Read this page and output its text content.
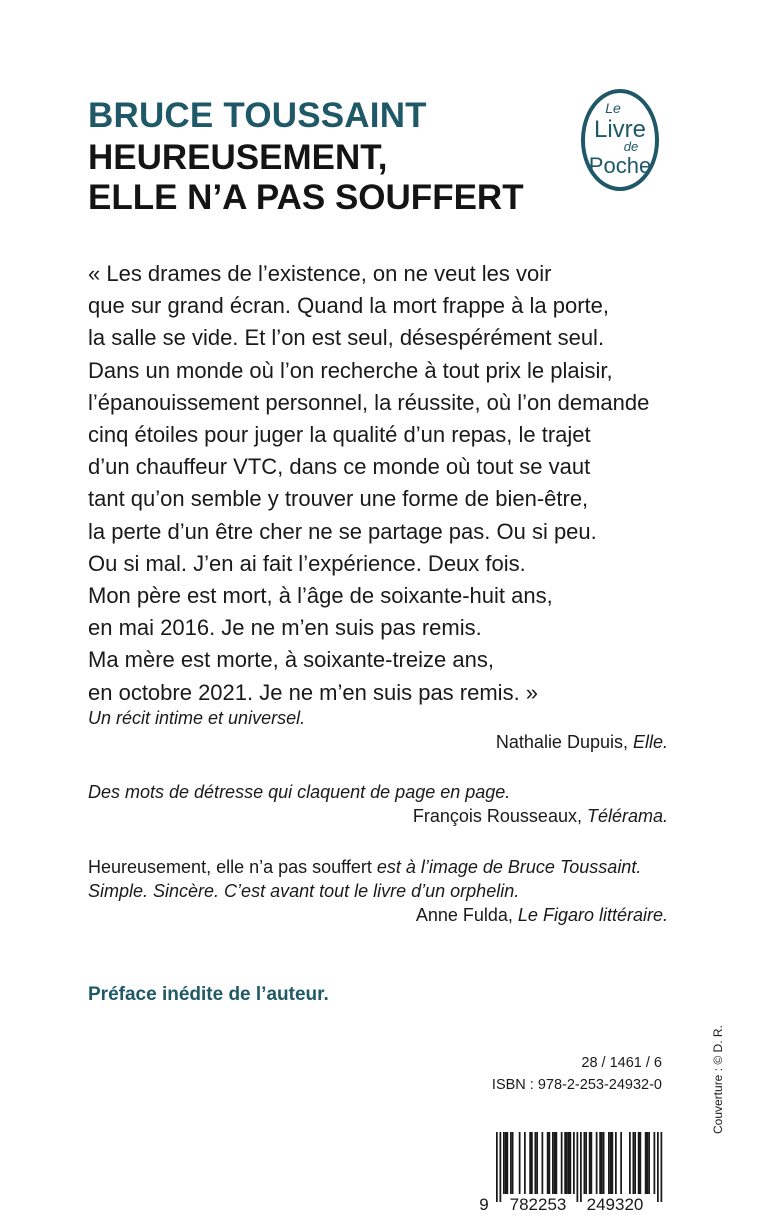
BRUCE TOUSSAINT
HEUREUSEMENT,
ELLE N’A PAS SOUFFERT
Le
Livre
de
Poche
« Les drames de l’existence, on ne veut les voir
que sur grand écran. Quand la mort frappe à la porte,
la salle se vide. Et l’on est seul, désespérément seul.
Dans un monde où l’on recherche à tout prix le plaisir,
l’épanouissement personnel, la réussite, où l’on demande
cinq étoiles pour juger la qualité d’un repas, le trajet
d’un chauffeur VTC, dans ce monde où tout se vaut
tant qu’on semble y trouver une forme de bien-être,
la perte d’un être cher ne se partage pas. Ou si peu.
Ou si mal. J’en ai fait l’expérience. Deux fois.
Mon père est mort, à l’âge de soixante-huit ans,
en mai 2016. Je ne m’en suis pas remis.
Ma mère est morte, à soixante-treize ans,
en octobre 2021. Je ne m’en suis pas remis. »
Un récit intime et universel.
Nathalie Dupuis, Elle.
Des mots de détresse qui claquent de page en page.
François Rousseaux, Télérama.
Heureusement, elle n’a pas souffert est à l’image de Bruce Toussaint.
Simple. Sincère. C’est avant tout le livre d’un orphelin.
Anne Fulda, Le Figaro littéraire.
Préface inédite de l’auteur.
28 / 1461 / 6
ISBN : 978-2-253-24932-0	Couverture : © D. R.
9 782253 249320
